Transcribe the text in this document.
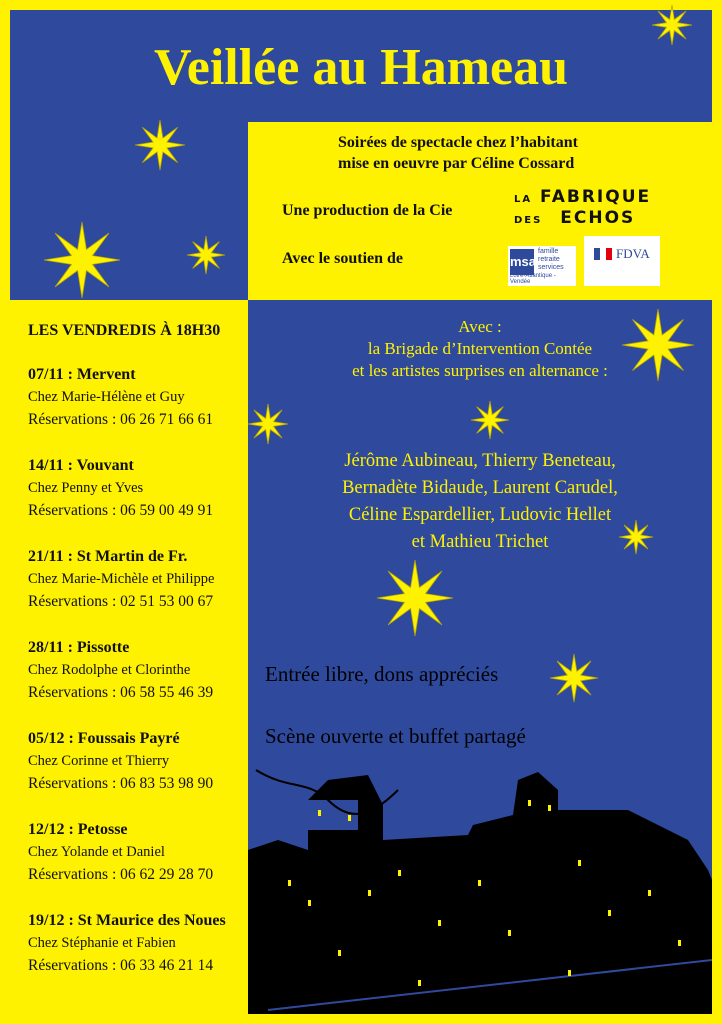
Veillée au Hameau
Soirées de spectacle chez l’habitant
mise en oeuvre par Céline Cossard
Une production de la Cie
Avec le soutien de
LA FABRIQUE
DES ECHOS
msa
famille
retraite
services
Loire-Atlantique - Vendée
FDVA
LES VENDREDIS À 18H30
07/11 : Mervent
Chez Marie-Hélène et Guy
Réservations : 06 26 71 66 61
14/11 : Vouvant
Chez Penny et Yves
Réservations : 06 59 00 49 91
21/11 : St Martin de Fr.
Chez Marie-Michèle et Philippe
Réservations : 02 51 53 00 67
28/11 : Pissotte
Chez Rodolphe et Clorinthe
Réservations : 06 58 55 46 39
05/12 : Foussais Payré
Chez Corinne et Thierry
Réservations : 06 83 53 98 90
12/12 : Petosse
Chez Yolande et Daniel
Réservations : 06 62 29 28 70
19/12 : St Maurice des Noues
Chez Stéphanie et Fabien
Réservations : 06 33 46 21 14
Avec :
la Brigade d’Intervention Contée
et les artistes surprises en alternance :
Jérôme Aubineau, Thierry Beneteau,
Bernadète Bidaude, Laurent Carudel,
Céline Espardellier, Ludovic Hellet
et Mathieu Trichet
Entrée libre, dons appréciés
Scène ouverte et buffet partagé
